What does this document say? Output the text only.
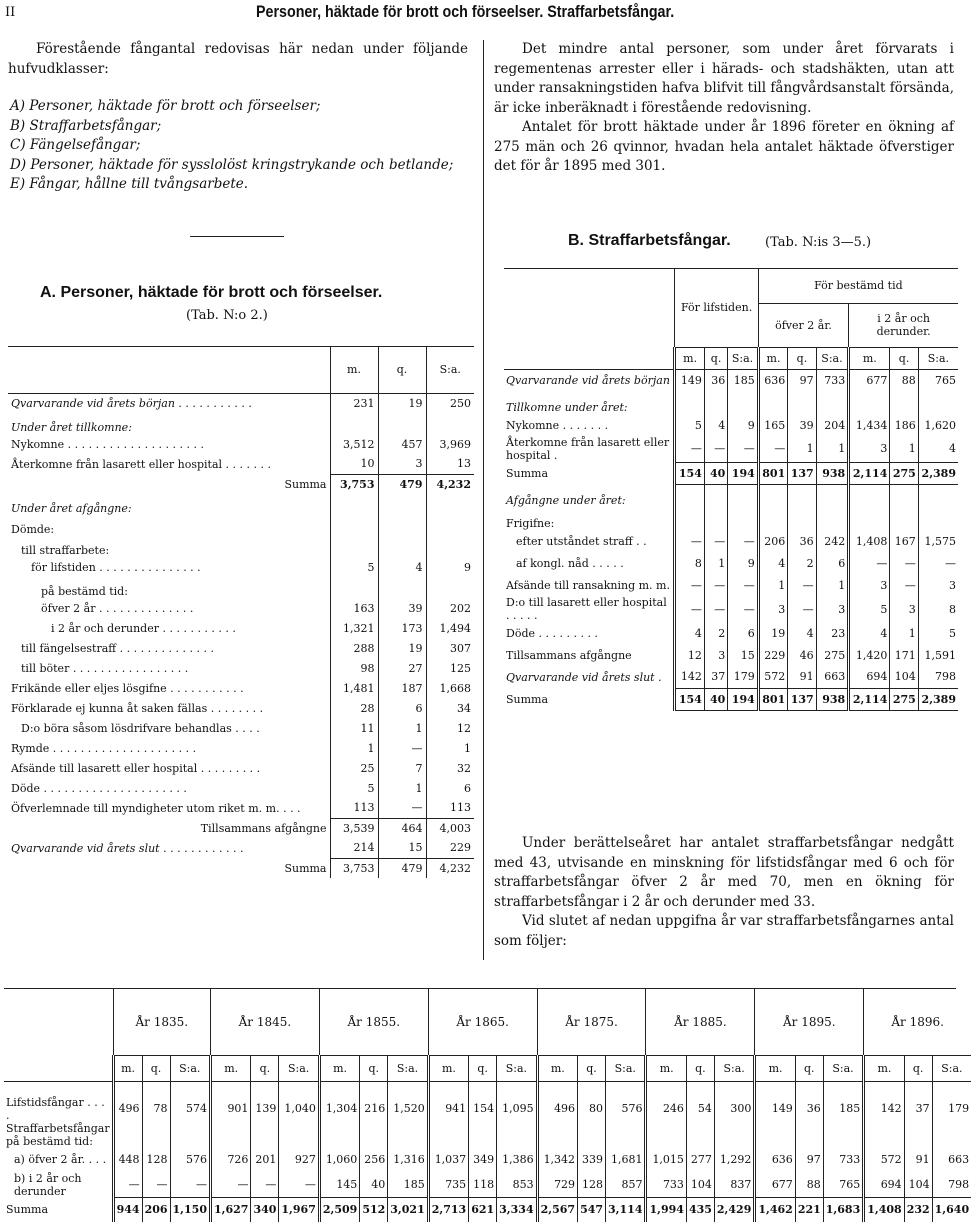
II	Personer, häktade för brott och förseelser. Straffarbetsfångar.

Förestående fångantal redovisas här nedan under följande hufvudklasser:

A) Personer, häktade för brott och förseelser;
B) Straffarbetsfångar;
C) Fängelsefångar;
D) Personer, häktade för sysslolöst kringstrykande och betlande;
E) Fångar, hållne till tvångsarbete.

Det mindre antal personer, som under året förvarats i regementenas arrester eller i härads- och stadshäkten, utan att under ransakningstiden hafva blifvit till fångvårdsanstalt försända, är icke inberäknadt i förestående redovisning.

Antalet för brott häktade under år 1896 företer en ökning af 275 män och 26 qvinnor, hvadan hela antalet häktade öfverstiger det för år 1895 med 301.

A. Personer, häktade för brott och förseelser.
(Tab. N:o 2.)
	m.	q.	S:a.
Qvarvarande vid årets början . . . . . . . . . . .	231	19	250
Under året tillkomne:			
Nykomne . . . . . . . . . . . . . . . . . . . .	3,512	457	3,969
Återkomne från lasarett eller hospital . . . . . . .	10	3	13
Summa	3,753	479	4,232
Under året afgångne:			
Dömde:			
till straffarbete:			
för lifstiden . . . . . . . . . . . . . . .	5	4	9
på bestämd tid:			
öfver 2 år . . . . . . . . . . . . . .	163	39	202
i 2 år och derunder . . . . . . . . . . .	1,321	173	1,494
till fängelsestraff . . . . . . . . . . . . . .	288	19	307
till böter . . . . . . . . . . . . . . . . .	98	27	125
Frikände eller eljes lösgifne . . . . . . . . . . .	1,481	187	1,668
Förklarade ej kunna åt saken fällas . . . . . . . .	28	6	34
D:o böra såsom lösdrifvare behandlas . . . .	11	1	12
Rymde . . . . . . . . . . . . . . . . . . . . .	1	—	1
Afsände till lasarett eller hospital . . . . . . . . .	25	7	32
Döde . . . . . . . . . . . . . . . . . . . . .	5	1	6
Öfverlemnade till myndigheter utom riket m. m. . . .	113	—	113
Tillsammans afgångne	3,539	464	4,003
Qvarvarande vid årets slut . . . . . . . . . . . .	214	15	229
Summa	3,753	479	4,232
B. Straffarbetsfångar.	(Tab. N:is 3—5.)
	För lifstiden.			För bestämd tid					
				öfver 2 år.			i 2 år och derunder.		
	m.	q.	S:a.	m.	q.	S:a.	m.	q.	S:a.
Qvarvarande vid årets början	149	36	185	636	97	733	677	88	765
Tillkomne under året:									
Nykomne . . . . . . .	5	4	9	165	39	204	1,434	186	1,620
Återkomne från lasarett eller hospital .	—	—	—	—	1	1	3	1	4
Summa	154	40	194	801	137	938	2,114	275	2,389
Afgångne under året:									
Frigifne:									
efter utståndet straff . .	—	—	—	206	36	242	1,408	167	1,575
af kongl. nåd . . . . .	8	1	9	4	2	6	—	—	—
Afsände till ransakning m. m.	—	—	—	1	—	1	3	—	3
D:o till lasarett eller hospital . . . . .	—	—	—	3	—	3	5	3	8
Döde . . . . . . . . .	4	2	6	19	4	23	4	1	5
Tillsammans afgångne	12	3	15	229	46	275	1,420	171	1,591
Qvarvarande vid årets slut .	142	37	179	572	91	663	694	104	798
Summa	154	40	194	801	137	938	2,114	275	2,389

Under berättelseåret har antalet straffarbetsfångar nedgått med 43, utvisande en minskning för lifstidsfångar med 6 och för straffarbetsfångar öfver 2 år med 70, men en ökning för straffarbetsfångar i 2 år och derunder med 33.

Vid slutet af nedan uppgifna år var straffarbetsfångarnes antal som följer:

	År 1835.			År 1845.			År 1855.			År 1865.			År 1875.			År 1885.			År 1895.			År 1896.		
	m.	q.	S:a.	m.	q.	S:a.	m.	q.	S:a.	m.	q.	S:a.	m.	q.	S:a.	m.	q.	S:a.	m.	q.	S:a.	m.	q.	S:a.
Lifstidsfångar . . . .	496	78	574	901	139	1,040	1,304	216	1,520	941	154	1,095	496	80	576	246	54	300	149	36	185	142	37	179
Straffarbetsfångar på bestämd tid:																								
a) öfver 2 år. . . .	448	128	576	726	201	927	1,060	256	1,316	1,037	349	1,386	1,342	339	1,681	1,015	277	1,292	636	97	733	572	91	663
b) i 2 år och derunder	—	—	—	—	—	—	145	40	185	735	118	853	729	128	857	733	104	837	677	88	765	694	104	798
Summa	944	206	1,150	1,627	340	1,967	2,509	512	3,021	2,713	621	3,334	2,567	547	3,114	1,994	435	2,429	1,462	221	1,683	1,408	232	1,640
